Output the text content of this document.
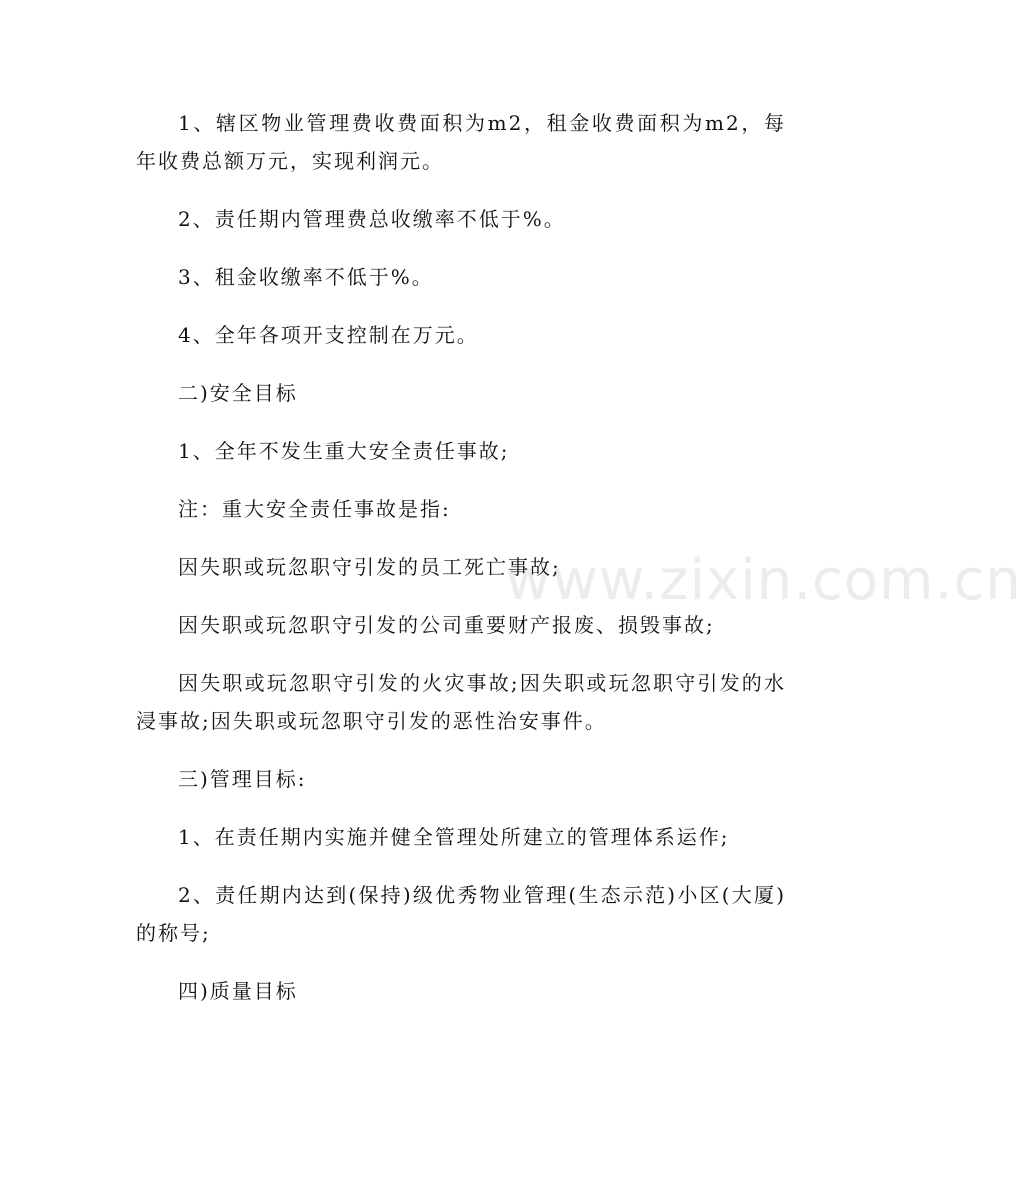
www.zixin.com.cn

1、辖区物业管理费收费面积为m2，租金收费面积为m2，每年收费总额万元，实现利润元。

2、责任期内管理费总收缴率不低于%。

3、租金收缴率不低于%。

4、全年各项开支控制在万元。

二)安全目标

1、全年不发生重大安全责任事故;

注：重大安全责任事故是指:

因失职或玩忽职守引发的员工死亡事故;

因失职或玩忽职守引发的公司重要财产报废、损毁事故;

因失职或玩忽职守引发的火灾事故;因失职或玩忽职守引发的水浸事故;因失职或玩忽职守引发的恶性治安事件。

三)管理目标:

1、在责任期内实施并健全管理处所建立的管理体系运作;

2、责任期内达到(保持)级优秀物业管理(生态示范)小区(大厦)的称号;

四)质量目标
